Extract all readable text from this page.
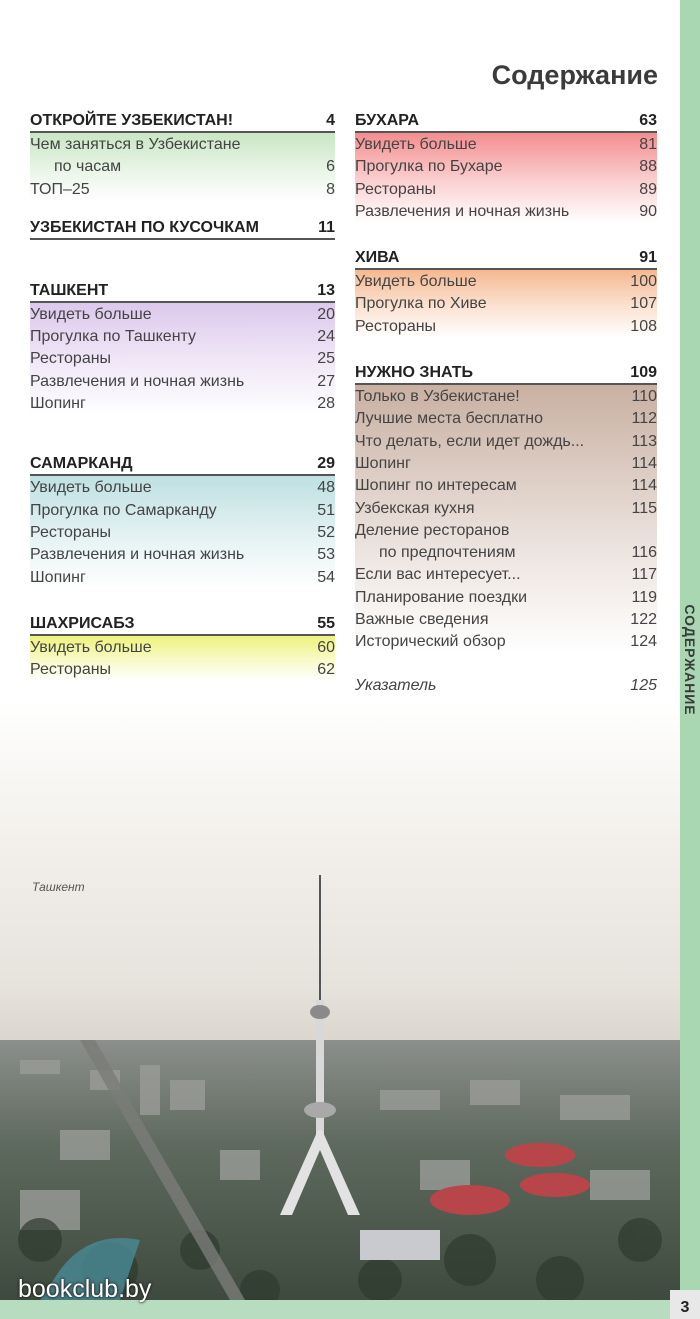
СОДЕРЖАНИЕ
3
Содержание
ОТКРОЙТЕ УЗБЕКИСТАН!	4
Чем заняться в Узбекистане
по часам	6
ТОП–25	8
УЗБЕКИСТАН ПО КУСОЧКАМ	11
ТАШКЕНТ	13
Увидеть больше	20
Прогулка по Ташкенту	24
Рестораны	25
Развлечения и ночная жизнь	27
Шопинг	28
САМАРКАНД	29
Увидеть больше	48
Прогулка по Самарканду	51
Рестораны	52
Развлечения и ночная жизнь	53
Шопинг	54
ШАХРИСАБЗ	55
Увидеть больше	60
Рестораны	62
БУХАРА	63
Увидеть больше	81
Прогулка по Бухаре	88
Рестораны	89
Развлечения и ночная жизнь	90
ХИВА	91
Увидеть больше	100
Прогулка по Хиве	107
Рестораны	108
НУЖНО ЗНАТЬ	109
Только в Узбекистане!	110
Лучшие места бесплатно	112
Что делать, если идет дождь...	113
Шопинг	114
Шопинг по интересам	114
Узбекская кухня	115
Деление ресторанов
по предпочтениям	116
Если вас интересует...	117
Планирование поездки	119
Важные сведения	122
Исторический обзор	124
Указатель	125
Ташкент
bookclub.by
